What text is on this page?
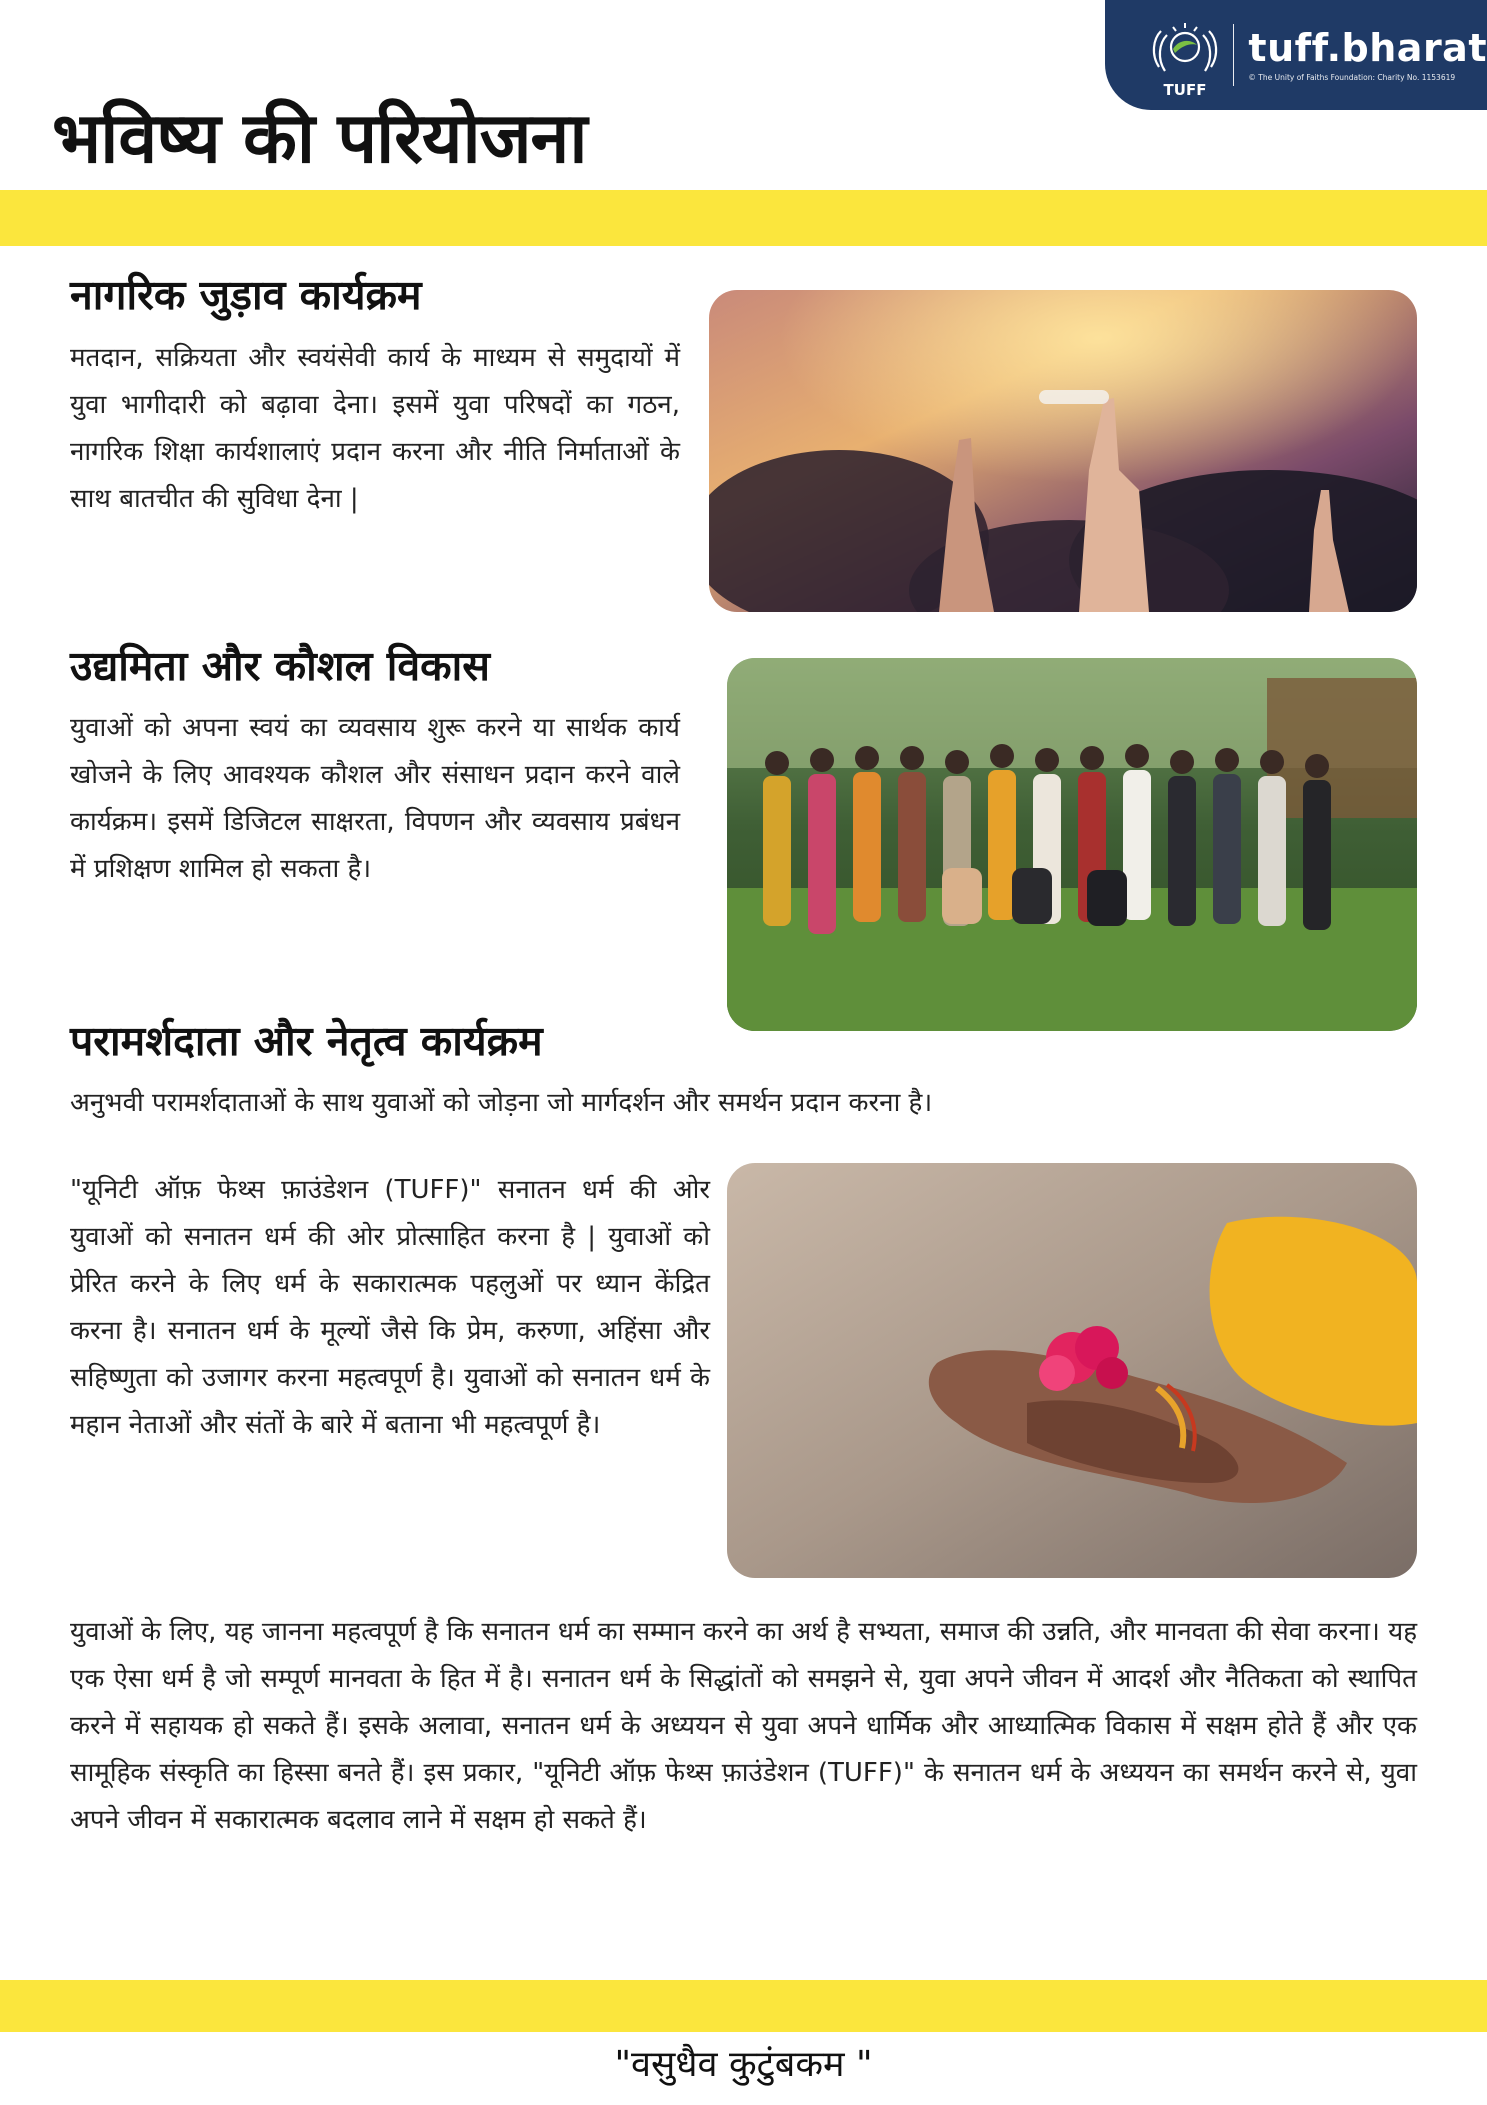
TUFF
tuff.bharat
© The Unity of Faiths Foundation: Charity No. 1153619
भविष्य की परियोजना
नागरिक जुड़ाव कार्यक्रम

मतदान, सक्रियता और स्वयंसेवी कार्य के माध्यम से समुदायों में युवा भागीदारी को बढ़ावा देना। इसमें युवा परिषदों का गठन, नागरिक शिक्षा कार्यशालाएं प्रदान करना और नीति निर्माताओं के साथ बातचीत की सुविधा देना |

उद्यमिता और कौशल विकास

युवाओं को अपना स्वयं का व्यवसाय शुरू करने या सार्थक कार्य खोजने के लिए आवश्यक कौशल और संसाधन प्रदान करने वाले कार्यक्रम। इसमें डिजिटल साक्षरता, विपणन और व्यवसाय प्रबंधन में प्रशिक्षण शामिल हो सकता है।

परामर्शदाता और नेतृत्व कार्यक्रम

अनुभवी परामर्शदाताओं के साथ युवाओं को जोड़ना जो मार्गदर्शन और समर्थन प्रदान करना है।

"यूनिटी ऑफ़ फेथ्स फ़ाउंडेशन (TUFF)" सनातन धर्म की ओर युवाओं को सनातन धर्म की ओर प्रोत्साहित करना है | युवाओं को प्रेरित करने के लिए धर्म के सकारात्मक पहलुओं पर ध्यान केंद्रित करना है। सनातन धर्म के मूल्यों जैसे कि प्रेम, करुणा, अहिंसा और सहिष्णुता को उजागर करना महत्वपूर्ण है। युवाओं को सनातन धर्म के महान नेताओं और संतों के बारे में बताना भी महत्वपूर्ण है।

युवाओं के लिए, यह जानना महत्वपूर्ण है कि सनातन धर्म का सम्मान करने का अर्थ है सभ्यता, समाज की उन्नति, और मानवता की सेवा करना। यह एक ऐसा धर्म है जो सम्पूर्ण मानवता के हित में है। सनातन धर्म के सिद्धांतों को समझने से, युवा अपने जीवन में आदर्श और नैतिकता को स्थापित करने में सहायक हो सकते हैं। इसके अलावा, सनातन धर्म के अध्ययन से युवा अपने धार्मिक और आध्यात्मिक विकास में सक्षम होते हैं और एक सामूहिक संस्कृति का हिस्सा बनते हैं। इस प्रकार, "यूनिटी ऑफ़ फेथ्स फ़ाउंडेशन (TUFF)" के सनातन धर्म के अध्ययन का समर्थन करने से, युवा अपने जीवन में सकारात्मक बदलाव लाने में सक्षम हो सकते हैं।

"वसुधैव कुटुंबकम "
